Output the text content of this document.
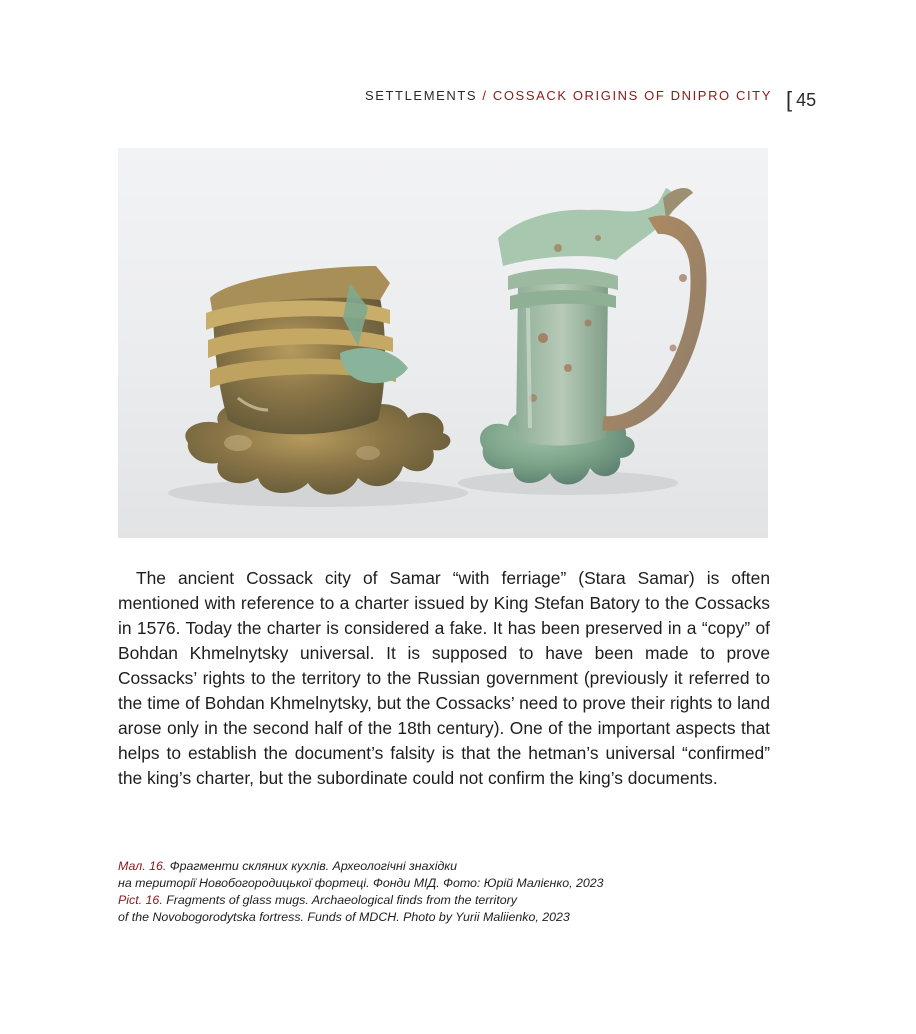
SETTLEMENTS / COSSACK ORIGINS OF DNIPRO CITY [ 45

The ancient Cossack city of Samar “with ferriage” (Stara Samar) is often mentioned with reference to a charter issued by King Stefan Batory to the Cossacks in 1576. Today the charter is considered a fake. It has been preserved in a “copy” of Bohdan Khmelnytsky universal. It is supposed to have been made to prove Cossacks’ rights to the territory to the Russian government (previously it referred to the time of Bohdan Khmelnytsky, but the Cossacks’ need to prove their rights to land arose only in the second half of the 18th century). One of the important aspects that helps to establish the document’s falsity is that the hetman’s universal “confirmed” the king’s charter, but the subordinate could not confirm the king’s documents.

Мал. 16. Фрагменти скляних кухлів. Археологічні знахідки
на території Новобогородицької фортеці. Фонди МІД. Фото: Юрій Малієнко, 2023
Pict. 16. Fragments of glass mugs. Archaeological finds from the territory
of the Novobogorodytska fortress. Funds of MDCH. Photo by Yurii Maliienko, 2023
